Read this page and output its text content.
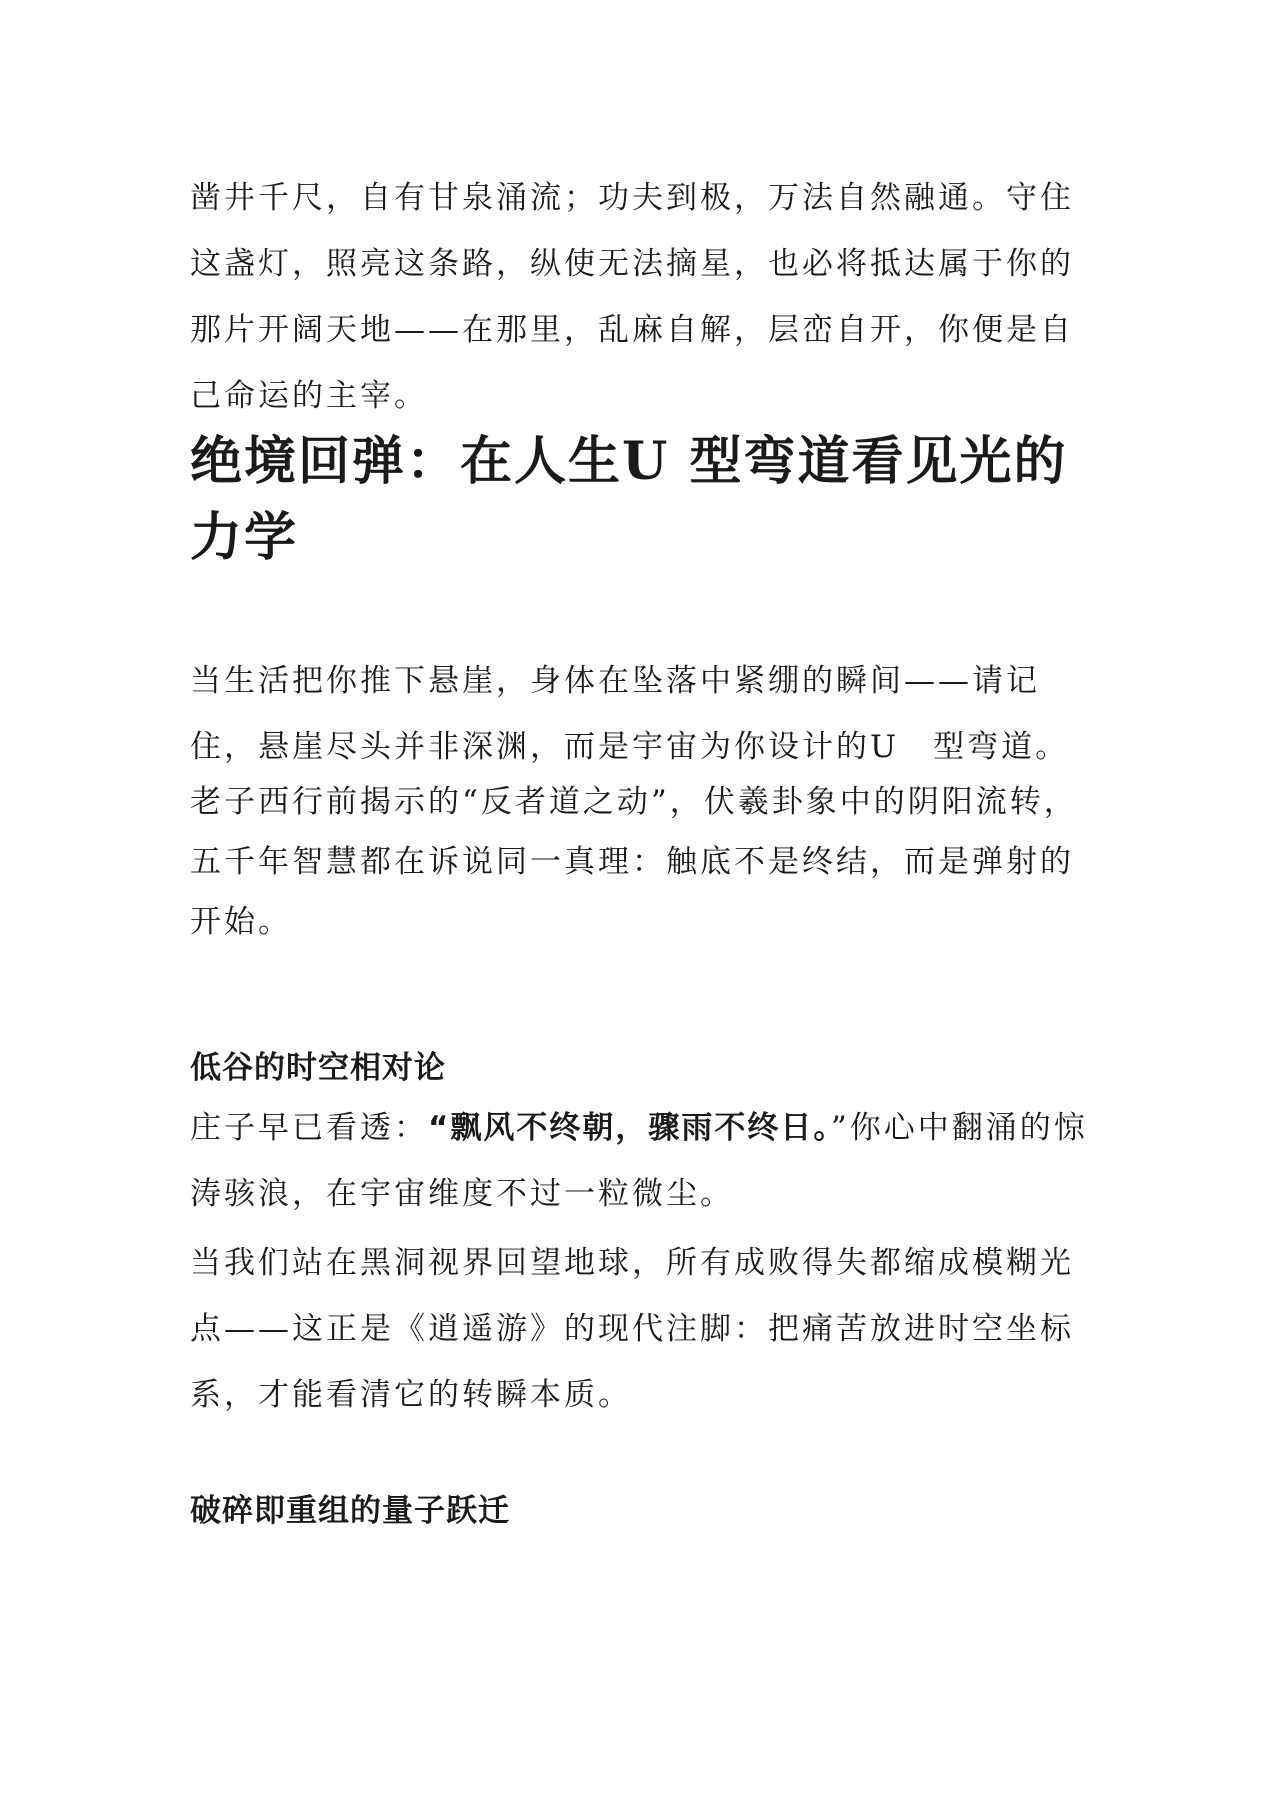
凿井千尺，自有甘泉涌流；功夫到极，万法自然融通。守住这盏灯，照亮这条路，纵使无法摘星，也必将抵达属于你的那片开阔天地——在那里，乱麻自解，层峦自开，你便是自己命运的主宰。

绝境回弹：在人生U 型弯道看见光的力学

当生活把你推下悬崖，身体在坠落中紧绷的瞬间——请记住，悬崖尽头并非深渊，而是宇宙为你设计的U　型弯道。

老子西行前揭示的“反者道之动”，伏羲卦象中的阴阳流转，五千年智慧都在诉说同一真理：触底不是终结，而是弹射的开始。

低谷的时空相对论

庄子早已看透：“飘风不终朝，骤雨不终日。”你心中翻涌的惊涛骇浪，在宇宙维度不过一粒微尘。

当我们站在黑洞视界回望地球，所有成败得失都缩成模糊光点——这正是《逍遥游》的现代注脚：把痛苦放进时空坐标系，才能看清它的转瞬本质。

破碎即重组的量子跃迁
